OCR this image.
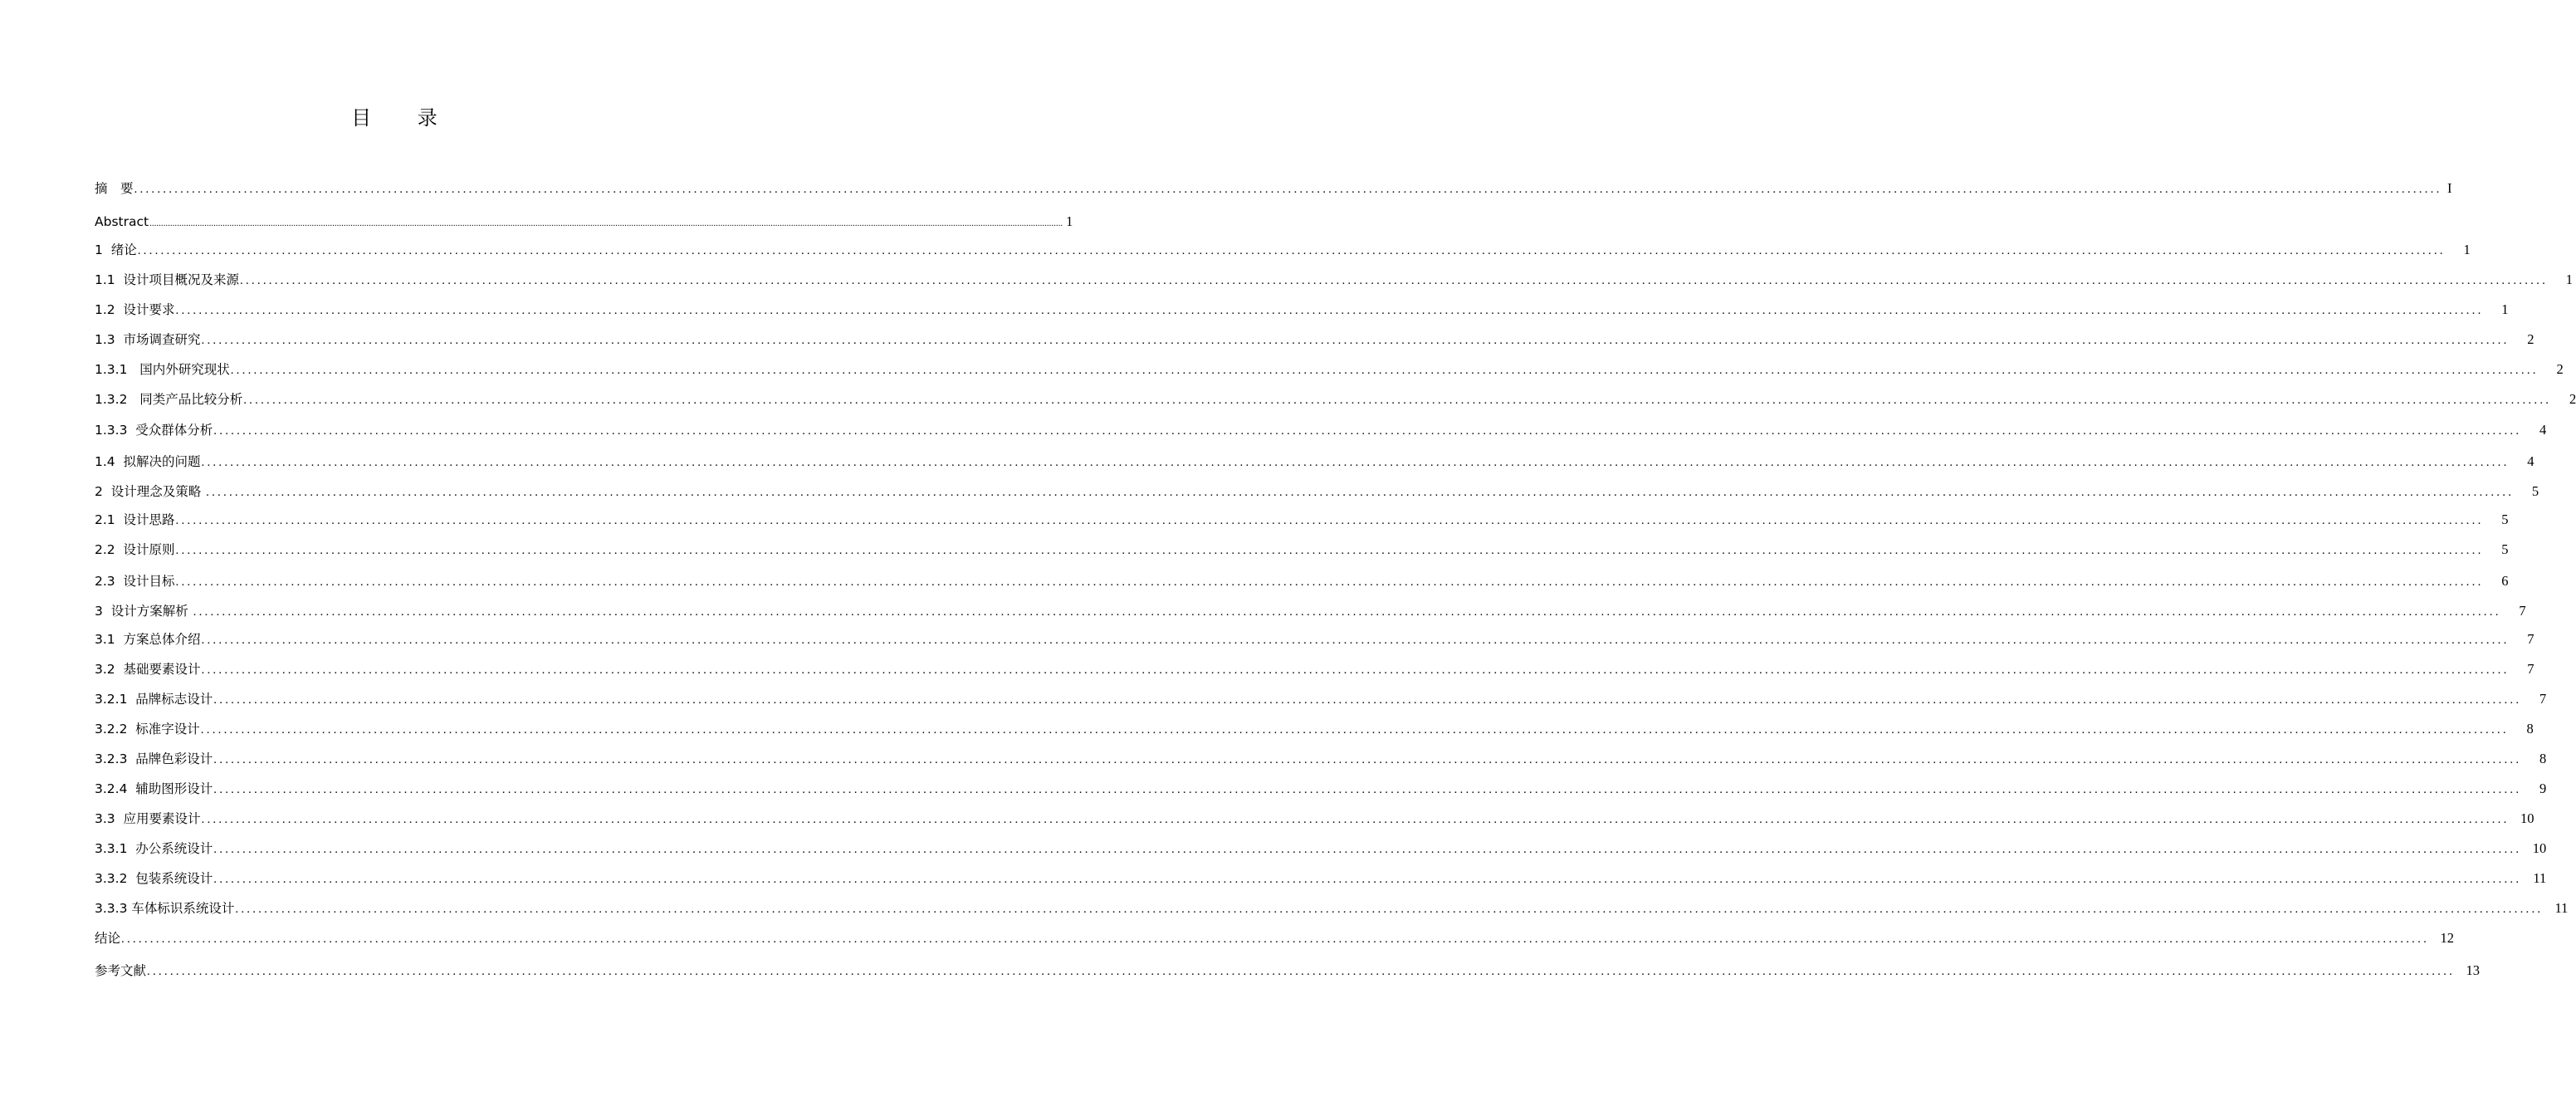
目 录
摘　要 ................................................................................................................................................................................................................................................................................................................................................................................................................ I
Abstract ................................................................................................................................................................................................................................................................................................................................................................................................................ 1
1  绪论 ................................................................................................................................................................................................................................................................................................................................................................................................................	1
1.1  设计项目概况及来源 ................................................................................................................................................................................................................................................................................................................................................................................................................	1
1.2  设计要求 ................................................................................................................................................................................................................................................................................................................................................................................................................	1
1.3  市场调查研究 ................................................................................................................................................................................................................................................................................................................................................................................................................	2
1.3.1   国内外研究现状 ................................................................................................................................................................................................................................................................................................................................................................................................................	2
1.3.2   同类产品比较分析 ................................................................................................................................................................................................................................................................................................................................................................................................................	2
1.3.3  受众群体分析 ................................................................................................................................................................................................................................................................................................................................................................................................................	4
1.4  拟解决的问题 ................................................................................................................................................................................................................................................................................................................................................................................................................	4
2  设计理念及策略 ................................................................................................................................................................................................................................................................................................................................................................................................................	5
2.1  设计思路 ................................................................................................................................................................................................................................................................................................................................................................................................................	5
2.2  设计原则 ................................................................................................................................................................................................................................................................................................................................................................................................................	5
2.3  设计目标 ................................................................................................................................................................................................................................................................................................................................................................................................................	6
3  设计方案解析 ................................................................................................................................................................................................................................................................................................................................................................................................................	7
3.1  方案总体介绍 ................................................................................................................................................................................................................................................................................................................................................................................................................	7
3.2  基础要素设计 ................................................................................................................................................................................................................................................................................................................................................................................................................	7
3.2.1  品牌标志设计 ................................................................................................................................................................................................................................................................................................................................................................................................................	7
3.2.2  标准字设计 ................................................................................................................................................................................................................................................................................................................................................................................................................	8
3.2.3  品牌色彩设计 ................................................................................................................................................................................................................................................................................................................................................................................................................	8
3.2.4  辅助图形设计 ................................................................................................................................................................................................................................................................................................................................................................................................................	9
3.3  应用要素设计 ................................................................................................................................................................................................................................................................................................................................................................................................................ 10
3.3.1  办公系统设计 ................................................................................................................................................................................................................................................................................................................................................................................................................ 10
3.3.2  包装系统设计 ................................................................................................................................................................................................................................................................................................................................................................................................................ 11
3.3.3 车体标识系统设计 ................................................................................................................................................................................................................................................................................................................................................................................................................ 11
结论 ................................................................................................................................................................................................................................................................................................................................................................................................................ 12
参考文献 ................................................................................................................................................................................................................................................................................................................................................................................................................ 13
